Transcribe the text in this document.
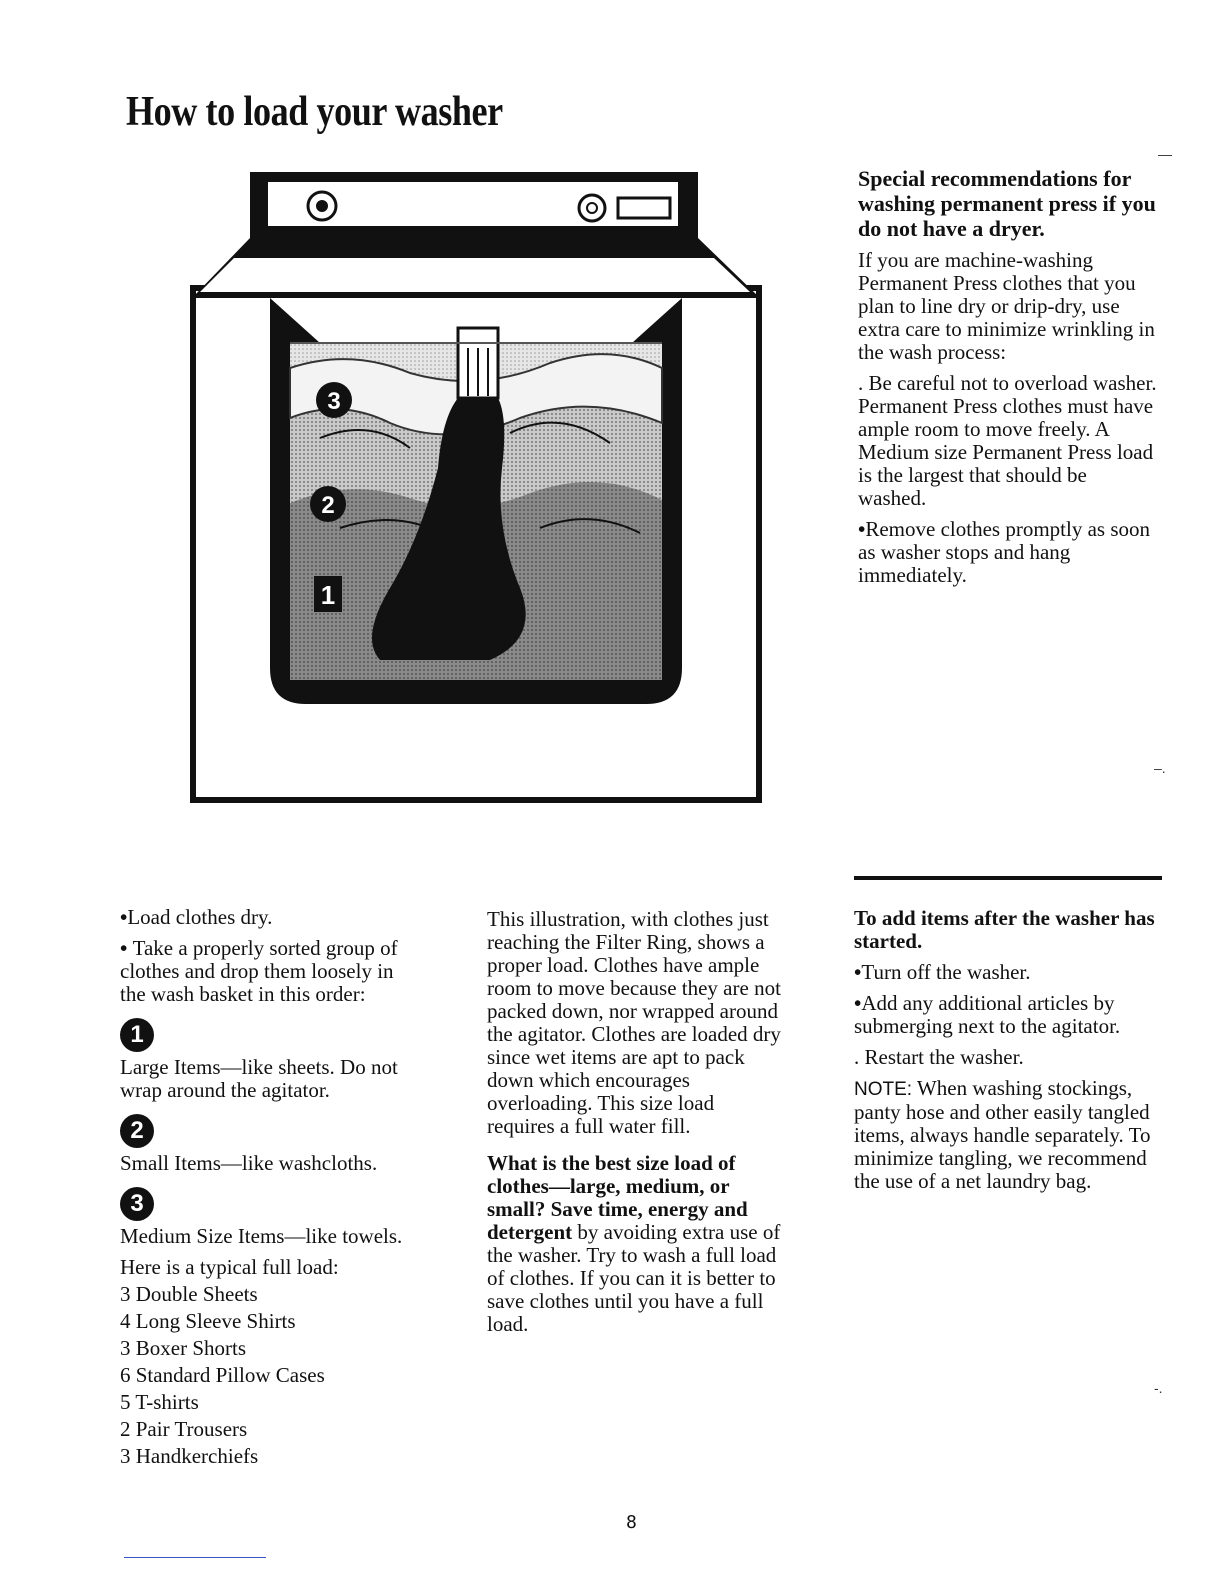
How to load your washer
3
2
1

Special recommendations for washing permanent press if you do not have a dryer.

If you are machine-washing Permanent Press clothes that you plan to line dry or drip-dry, use extra care to minimize wrinkling in the wash process:

. Be careful not to overload washer. Permanent Press clothes must have ample room to move freely. A Medium size Permanent Press load is the largest that should be washed.

•Remove clothes promptly as soon as washer stops and hang immediately.

•Load clothes dry.

• Take a properly sorted group of clothes and drop them loosely in the wash basket in this order:

1

Large Items—like sheets. Do not wrap around the agitator.

2

Small Items—like washcloths.

3

Medium Size Items—like towels.

Here is a typical full load:

3 Double Sheets
4 Long Sleeve Shirts
3 Boxer Shorts
6 Standard Pillow Cases
5 T-shirts
2 Pair Trousers
3 Handkerchiefs

This illustration, with clothes just reaching the Filter Ring, shows a proper load. Clothes have ample room to move because they are not packed down, nor wrapped around the agitator. Clothes are loaded dry since wet items are apt to pack down which encourages overloading. This size load requires a full water fill.

What is the best size load of clothes—large, medium, or small? Save time, energy and detergent by avoiding extra use of the washer. Try to wash a full load of clothes. If you can it is better to save clothes until you have a full load.

To add items after the washer has started.

•Turn off the washer.

•Add any additional articles by submerging next to the agitator.

. Restart the washer.

NOTE: When washing stockings, panty hose and other easily tangled items, always handle separately. To minimize tangling, we recommend the use of a net laundry bag.

—
–.
-.
8
